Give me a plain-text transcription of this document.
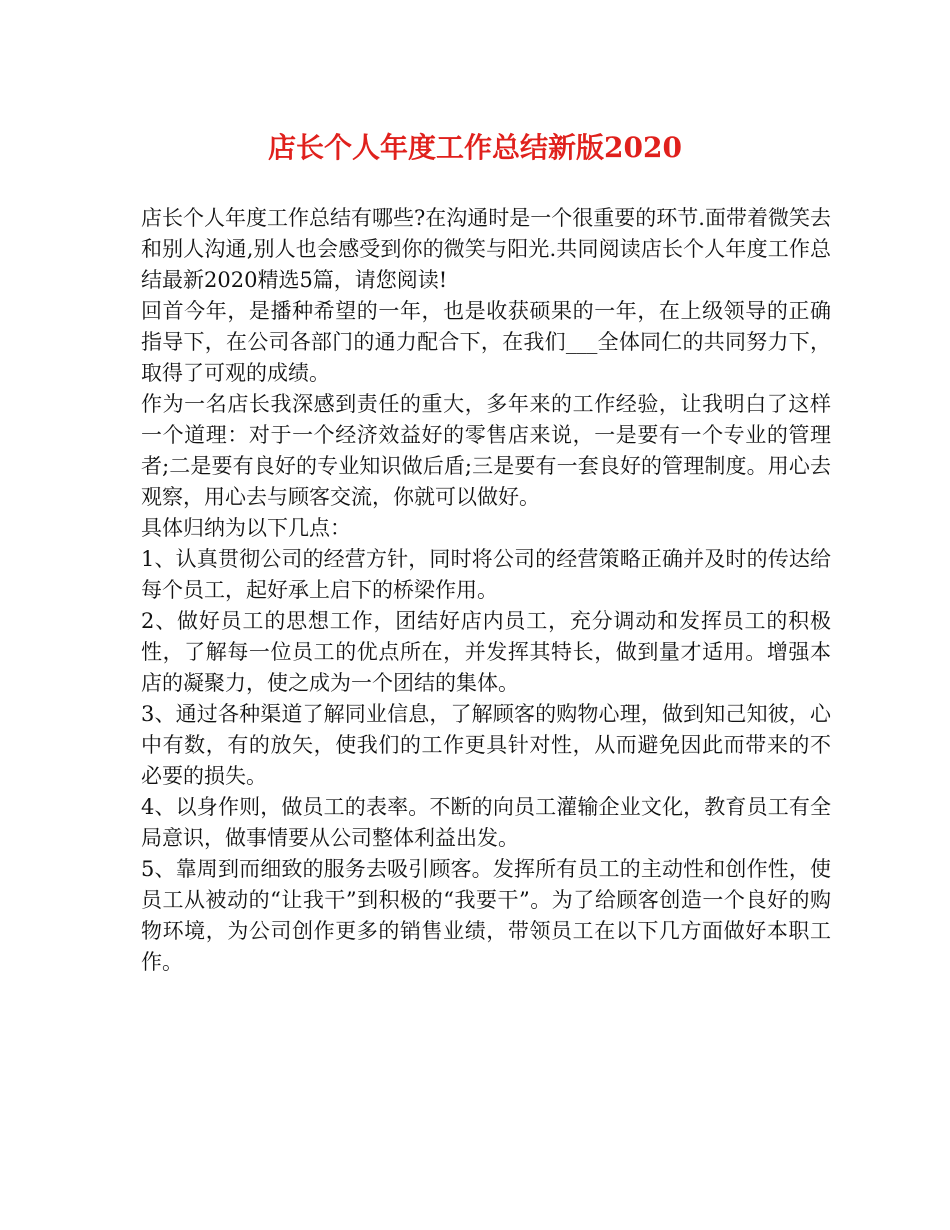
店长个人年度工作总结新版2020

店长个人年度工作总结有哪些?在沟通时是一个很重要的环节.面带着微笑去和别人沟通,别人也会感受到你的微笑与阳光.共同阅读店长个人年度工作总结最新2020精选5篇，请您阅读!

回首今年，是播种希望的一年，也是收获硕果的一年，在上级领导的正确指导下，在公司各部门的通力配合下，在我们___全体同仁的共同努力下，取得了可观的成绩。

作为一名店长我深感到责任的重大，多年来的工作经验，让我明白了这样一个道理：对于一个经济效益好的零售店来说，一是要有一个专业的管理者;二是要有良好的专业知识做后盾;三是要有一套良好的管理制度。用心去观察，用心去与顾客交流，你就可以做好。

具体归纳为以下几点：

1、认真贯彻公司的经营方针，同时将公司的经营策略正确并及时的传达给每个员工，起好承上启下的桥梁作用。

2、做好员工的思想工作，团结好店内员工，充分调动和发挥员工的积极性，了解每一位员工的优点所在，并发挥其特长，做到量才适用。增强本店的凝聚力，使之成为一个团结的集体。

3、通过各种渠道了解同业信息，了解顾客的购物心理，做到知己知彼，心中有数，有的放矢，使我们的工作更具针对性，从而避免因此而带来的不必要的损失。

4、以身作则，做员工的表率。不断的向员工灌输企业文化，教育员工有全局意识，做事情要从公司整体利益出发。

5、靠周到而细致的服务去吸引顾客。发挥所有员工的主动性和创作性，使员工从被动的“让我干”到积极的“我要干”。为了给顾客创造一个良好的购物环境，为公司创作更多的销售业绩，带领员工在以下几方面做好本职工作。
